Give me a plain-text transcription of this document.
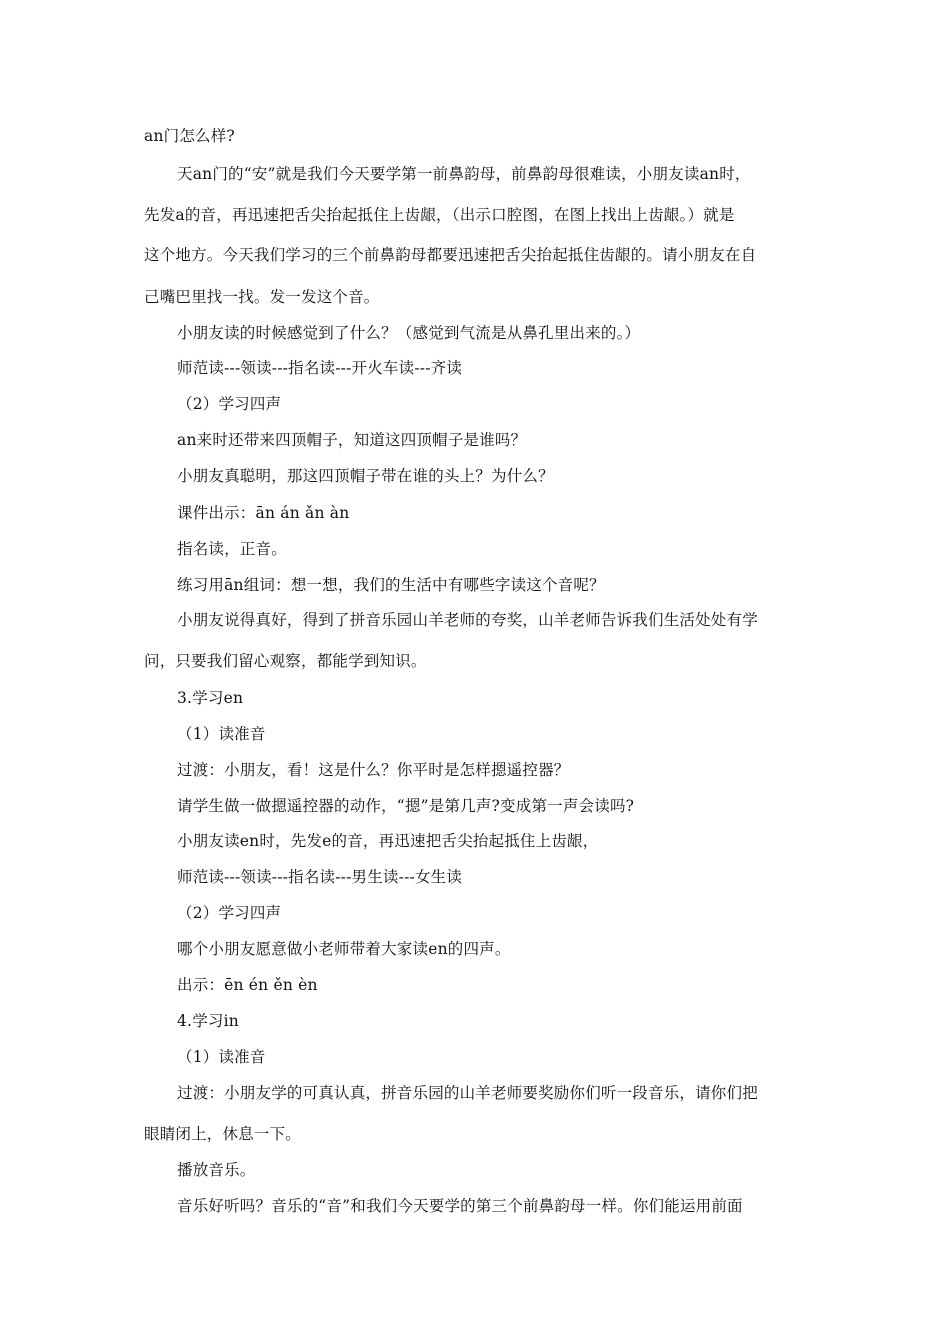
an门怎么样?
天an门的“安”就是我们今天要学第一前鼻韵母，前鼻韵母很难读，小朋友读an时，
先发a的音，再迅速把舌尖抬起抵住上齿龈，（出示口腔图，在图上找出上齿龈。）就是
这个地方。今天我们学习的三个前鼻韵母都要迅速把舌尖抬起抵住齿龈的。请小朋友在自
己嘴巴里找一找。发一发这个音。
小朋友读的时候感觉到了什么？（感觉到气流是从鼻孔里出来的。）
师范读---领读---指名读---开火车读---齐读
（2）学习四声
an来时还带来四顶帽子，知道这四顶帽子是谁吗？
小朋友真聪明，那这四顶帽子带在谁的头上？为什么？
课件出示：ān án ǎn àn
指名读，正音。
练习用ān组词：想一想，我们的生活中有哪些字读这个音呢？
小朋友说得真好，得到了拼音乐园山羊老师的夸奖，山羊老师告诉我们生活处处有学
问，只要我们留心观察，都能学到知识。
3.学习en
（1）读准音
过渡：小朋友，看！这是什么？你平时是怎样摁遥控器？
请学生做一做摁遥控器的动作，“摁”是第几声?变成第一声会读吗?
小朋友读en时，先发e的音，再迅速把舌尖抬起抵住上齿龈，
师范读---领读---指名读---男生读---女生读
（2）学习四声
哪个小朋友愿意做小老师带着大家读en的四声。
出示：ēn én ěn èn
4.学习in
（1）读准音
过渡：小朋友学的可真认真，拼音乐园的山羊老师要奖励你们听一段音乐，请你们把
眼睛闭上，休息一下。
播放音乐。
音乐好听吗？音乐的“音”和我们今天要学的第三个前鼻韵母一样。你们能运用前面
